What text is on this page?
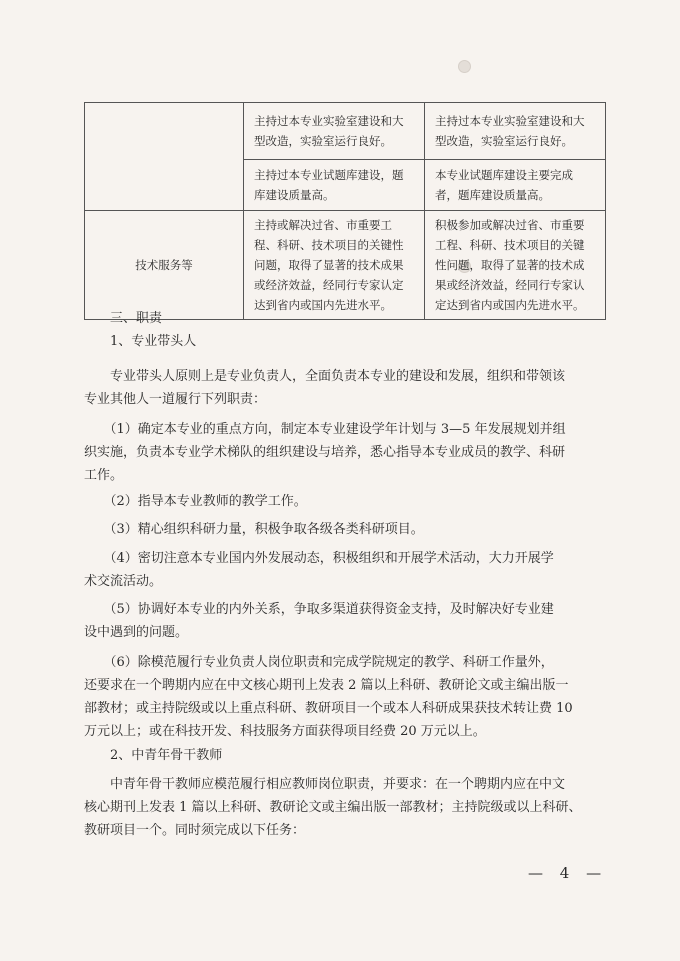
	主持过本专业实验室建设和大型改造，实验室运行良好。	主持过本专业实验室建设和大型改造，实验室运行良好。
	主持过本专业试题库建设，题库建设质量高。	本专业试题库建设主要完成者，题库建设质量高。
技术服务等	主持或解决过省、市重要工程、科研、技术项目的关键性问题，取得了显著的技术成果或经济效益，经同行专家认定达到省内或国内先进水平。	积极参加或解决过省、市重要工程、科研、技术项目的关键性问题，取得了显著的技术成果或经济效益，经同行专家认定达到省内或国内先进水平。

三、职责

1、专业带头人

专业带头人原则上是专业负责人，全面负责本专业的建设和发展，组织和带领该

专业其他人一道履行下列职责：

（1）确定本专业的重点方向，制定本专业建设学年计划与 3—5 年发展规划并组

织实施，负责本专业学术梯队的组织建设与培养，悉心指导本专业成员的教学、科研

工作。

（2）指导本专业教师的教学工作。

（3）精心组织科研力量，积极争取各级各类科研项目。

（4）密切注意本专业国内外发展动态，积极组织和开展学术活动，大力开展学

术交流活动。

（5）协调好本专业的内外关系，争取多渠道获得资金支持，及时解决好专业建

设中遇到的问题。

（6）除模范履行专业负责人岗位职责和完成学院规定的教学、科研工作量外，

还要求在一个聘期内应在中文核心期刊上发表 2 篇以上科研、教研论文或主编出版一

部教材；或主持院级或以上重点科研、教研项目一个或本人科研成果获技术转让费 10

万元以上；或在科技开发、科技服务方面获得项目经费 20 万元以上。

2、中青年骨干教师

中青年骨干教师应模范履行相应教师岗位职责，并要求：在一个聘期内应在中文

核心期刊上发表 1 篇以上科研、教研论文或主编出版一部教材；主持院级或以上科研、

教研项目一个。同时须完成以下任务：

— 4 —
